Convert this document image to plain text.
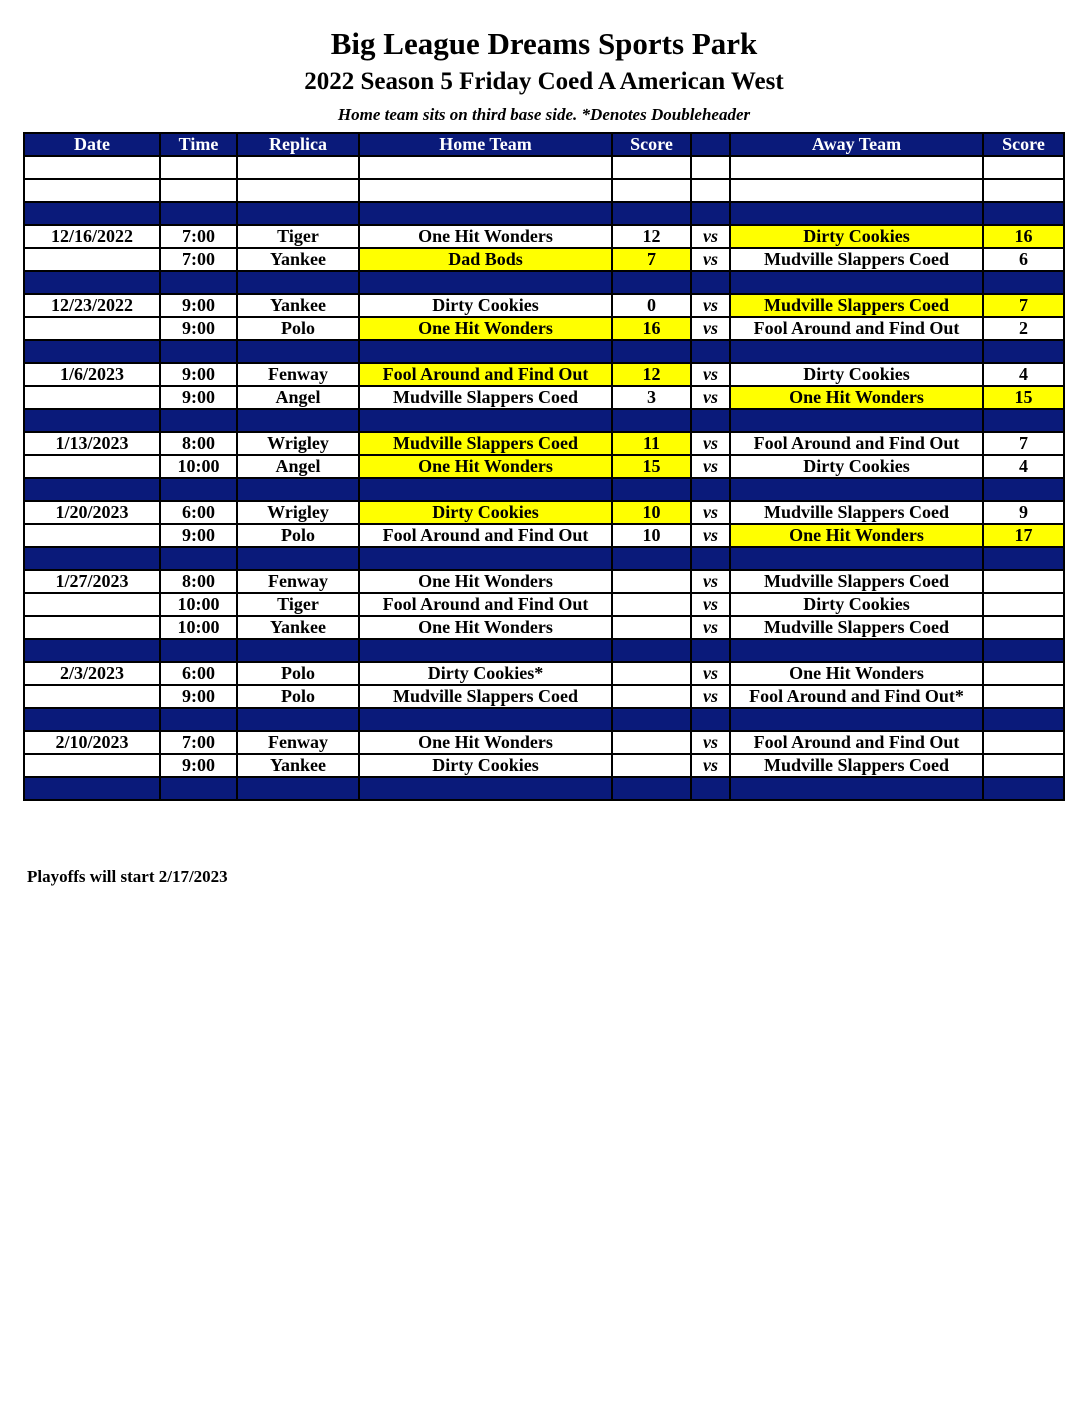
Big League Dreams Sports Park
2022 Season 5 Friday Coed A American West
Home team sits on third base side. *Denotes Doubleheader
Date	Time	Replica	Home Team	Score		Away Team	Score

12/16/2022	7:00	Tiger	One Hit Wonders	12	vs	Dirty Cookies	16
	7:00	Yankee	Dad Bods	7	vs	Mudville Slappers Coed	6

12/23/2022	9:00	Yankee	Dirty Cookies	0	vs	Mudville Slappers Coed	7
	9:00	Polo	One Hit Wonders	16	vs	Fool Around and Find Out	2

1/6/2023	9:00	Fenway	Fool Around and Find Out	12	vs	Dirty Cookies	4
	9:00	Angel	Mudville Slappers Coed	3	vs	One Hit Wonders	15

1/13/2023	8:00	Wrigley	Mudville Slappers Coed	11	vs	Fool Around and Find Out	7
	10:00	Angel	One Hit Wonders	15	vs	Dirty Cookies	4

1/20/2023	6:00	Wrigley	Dirty Cookies	10	vs	Mudville Slappers Coed	9
	9:00	Polo	Fool Around and Find Out	10	vs	One Hit Wonders	17

1/27/2023	8:00	Fenway	One Hit Wonders		vs	Mudville Slappers Coed	
	10:00	Tiger	Fool Around and Find Out		vs	Dirty Cookies	
	10:00	Yankee	One Hit Wonders		vs	Mudville Slappers Coed	

2/3/2023	6:00	Polo	Dirty Cookies*		vs	One Hit Wonders	
	9:00	Polo	Mudville Slappers Coed		vs	Fool Around and Find Out*	

2/10/2023	7:00	Fenway	One Hit Wonders		vs	Fool Around and Find Out	
	9:00	Yankee	Dirty Cookies		vs	Mudville Slappers Coed	

Playoffs will start 2/17/2023
